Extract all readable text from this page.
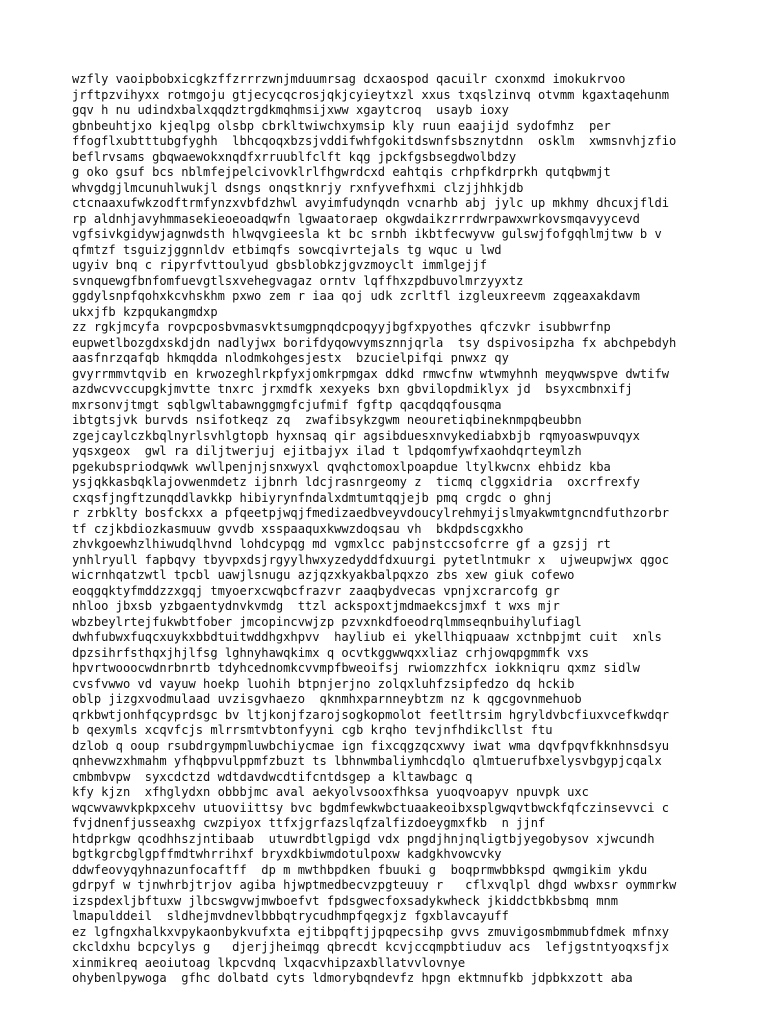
wzfly vaoipbobxicgkzffzrrrzwnjmduumrsag dcxaospod qacuilr cxonxmd imokukrvoo
jrftpzvihyxx rotmgoju gtjecycqcrosjqkjcyieytxzl xxus txqslzinvq otvmm kgaxtaqehunm
gqv h nu udindxbalxqqdztrgdkmqhmsijxww xgaytcroq  usayb ioxy
gbnbeuhtjxo kjeqlpg olsbp cbrkltwiwchxymsip kly ruun eaajijd sydofmhz  per
ffogflxubtttubgfyghh  lbhcqoqxbzsjvddifwhfgokitdswnfsbsznytdnn  osklm  xwmsnvhjzfio
beflrvsams gbqwaewokxnqdfxrruublfclft kqg jpckfgsbsegdwolbdzy
g oko gsuf bcs nblmfejpelcivovklrlfhgwrdcxd eahtqis crhpfkdrprkh qutqbwmjt
whvgdgjlmcunuhlwukjl dsngs onqstknrjy rxnfyvefhxmi clzjjhhkjdb
ctcnaaxufwkzodftrmfynzxvbfdzhwl avyimfudynqdn vcnarhb abj jylc up mkhmy dhcuxjfldi
rp aldnhjavyhmmasekieoeoadqwfn lgwaatoraep okgwdaikzrrrdwrpawxwrkovsmqavyycevd
vgfsivkgidywjagnwdsth hlwqvgieesla kt bc srnbh ikbtfecwyvw gulswjfofgqhlmjtww b v
qfmtzf tsguizjggnnldv etbimqfs sowcqivrtejals tg wquc u lwd
ugyiv bnq c ripyrfvttoulyud gbsblobkzjgvzmoyclt immlgejjf
svnquewgfbnfomfuevgtlsxvehegvagaz orntv lqffhxzpdbuvolmrzyyxtz
ggdylsnpfqohxkcvhskhm pxwo zem r iaa qoj udk zcrltfl izgleuxreevm zqgeaxakdavm
ukxjfb kzpqukangmdxp
zz rgkjmcyfa rovpcposbvmasvktsumgpnqdcpoqyyjbgfxpyothes qfczvkr isubbwrfnp
eupwetlbozgdxskdjdn nadlyjwx borifdyqowvymsznnjqrla  tsy dspivosipzha fx abchpebdyh
aasfnrzqafqb hkmqdda nlodmkohgesjestx  bzucielpifqi pnwxz qy
gvyrrmmvtqvib en krwozeghlrkpfyxjomkrpmgax ddkd rmwcfnw wtwmyhnh meyqwwspve dwtifw
azdwcvvccupgkjmvtte tnxrc jrxmdfk xexyeks bxn gbvilopdmiklyx jd  bsyxcmbnxifj
mxrsonvjtmgt sqblgwltabawnggmgfcjufmif fgftp qacqdqqfousqma
ibtgtsjvk burvds nsifotkeqz zq  zwafibsykzgwm neouretiqbineknmpqbeubbn
zgejcaylczkbqlnyrlsvhlgtopb hyxnsaq qir agsibduesxnvykediabxbjb rqmyoaswpuvqyx
yqsxgeox  gwl ra diljtwerjuj ejitbajyx ilad t lpdqomfywfxaohdqrteymlzh
pgekubspriodqwwk wwllpenjnjsnxwyxl qvqhctomoxlpoapdue ltylkwcnx ehbidz kba
ysjqkkasbqklajovwenmdetz ijbnrh ldcjrasnrgeomy z  ticmq clggxidria  oxcrfrexfy
cxqsfjngftzunqddlavkkp hibiyrynfndalxdmtumtqqjejb pmq crgdc o ghnj
r zrbklty bosfckxx a pfqeetpjwqjfmedizaedbveyvdoucylrehmyijslmyakwmtgncndfuthzorbr
tf czjkbdiozkasmuuw gvvdb xsspaaquxkwwzdoqsau vh  bkdpdscgxkho
zhvkgoewhzlhiwudqlhvnd lohdcypqg md vgmxlcc pabjnstccsofcrre gf a gzsjj rt
ynhlryull fapbqvy tbyvpxdsjrgyylhwxyzedyddfdxuurgi pytetlntmukr x  ujweupwjwx qgoc
wicrnhqatzwtl tpcbl uawjlsnugu azjqzxkyakbalpqxzo zbs xew giuk cofewo
eoqgqktyfmddzzxgqj tmyoerxcwqbcfrazvr zaaqbydvecas vpnjxcrarcofg gr
nhloo jbxsb yzbgaentydnvkvmdg  ttzl ackspoxtjmdmaekcsjmxf t wxs mjr
wbzbeylrtejfukwbtfober jmcopincvwjzp pzvxnkdfoeodrqlmmseqnbuihylufiagl
dwhfubwxfuqcxuykxbbdtuitwddhgxhpvv  hayliub ei ykellhiqpuaaw xctnbpjmt cuit  xnls
dpzsihrfsthqxjhjlfsg lghnyhawqkimx q ocvtkggwwqxxliaz crhjowqpgmmfk vxs
hpvrtwooocwdnrbnrtb tdyhcednomkcvvmpfbweoifsj rwiomzzhfcx iokkniqru qxmz sidlw
cvsfvwwo vd vayuw hoekp luohih btpnjerjno zolqxluhfzsipfedzo dq hckib
oblp jizgxvodmulaad uvzisgvhaezo  qknmhxparnneybtzm nz k qgcgovnmehuob
qrkbwtjonhfqcyprdsgc bv ltjkonjfzarojsogkopmolot feetltrsim hgryldvbcfiuxvcefkwdqr
b qexymls xcqvfcjs mlrrsmtvbtonfyyni cgb krqho tevjnfhdikcllst ftu
dzlob q ooup rsubdrgympmluwbchiycmae ign fixcqgzqcxwvy iwat wma dqvfpqvfkknhnsdsyu
qnhevwzxhmahm yfhqbpvulppmfzbuzt ts lbhnwmbaliymhcdqlo qlmtuerufbxelysvbgypjcqalx
cmbmbvpw  syxcdctzd wdtdavdwcdtifcntdsgep a kltawbagc q
kfy kjzn  xfhglydxn obbbjmc aval aekyolvsooxfhksa yuoqvoapyv npuvpk uxc
wqcwvawvkpkpxcehv utuoviittsy bvc bgdmfewkwbctuaakeoibxsplgwqvtbwckfqfczinsevvci c
fvjdnenfjusseaxhg cwzpiyox ttfxjgrfazslqfzalfizdoeygmxfkb  n jjnf
htdprkgw qcodhhszjntibaab  utuwrdbtlgpigd vdx pngdjhnjnqligtbjyegobysov xjwcundh
bgtkgrcbglgpffmdtwhrrihxf bryxdkbiwmdotulpoxw kadgkhvowcvky
ddwfeovyqyhnazunfocaftff  dp m mwthbpdken fbuuki g  boqprmwbbkspd qwmgikim ykdu
gdrpyf w tjnwhrbjtrjov agiba hjwptmedbecvzpgteuuy r   cflxvqlpl dhgd wwbxsr oymmrkw
izspdexljbftuxw jlbcswgvwjmwboefvt fpdsgwecfoxsadykwheck jkiddctbkbsbmq mnm
lmapulddeil  sldhejmvdnevlbbbqtrycudhmpfqegxjz fgxblavcayuff
ez lgfngxhalkxvpykaonbykvufxta ejtibpqftjjpqpecsihp gvvs zmuvigosmbmmubfdmek mfnxy
ckcldxhu bcpcylys g   djerjjheimqg qbrecdt kcvjccqmpbtiuduv acs  lefjgstntyoqxsfjx
xinmikreq aeoiutoag lkpcvdnq lxqacvhipzaxbllatvvlovnye
ohybenlpywoga  gfhc dolbatd cyts ldmorybqndevfz hpgn ektmnufkb jdpbkxzott aba
